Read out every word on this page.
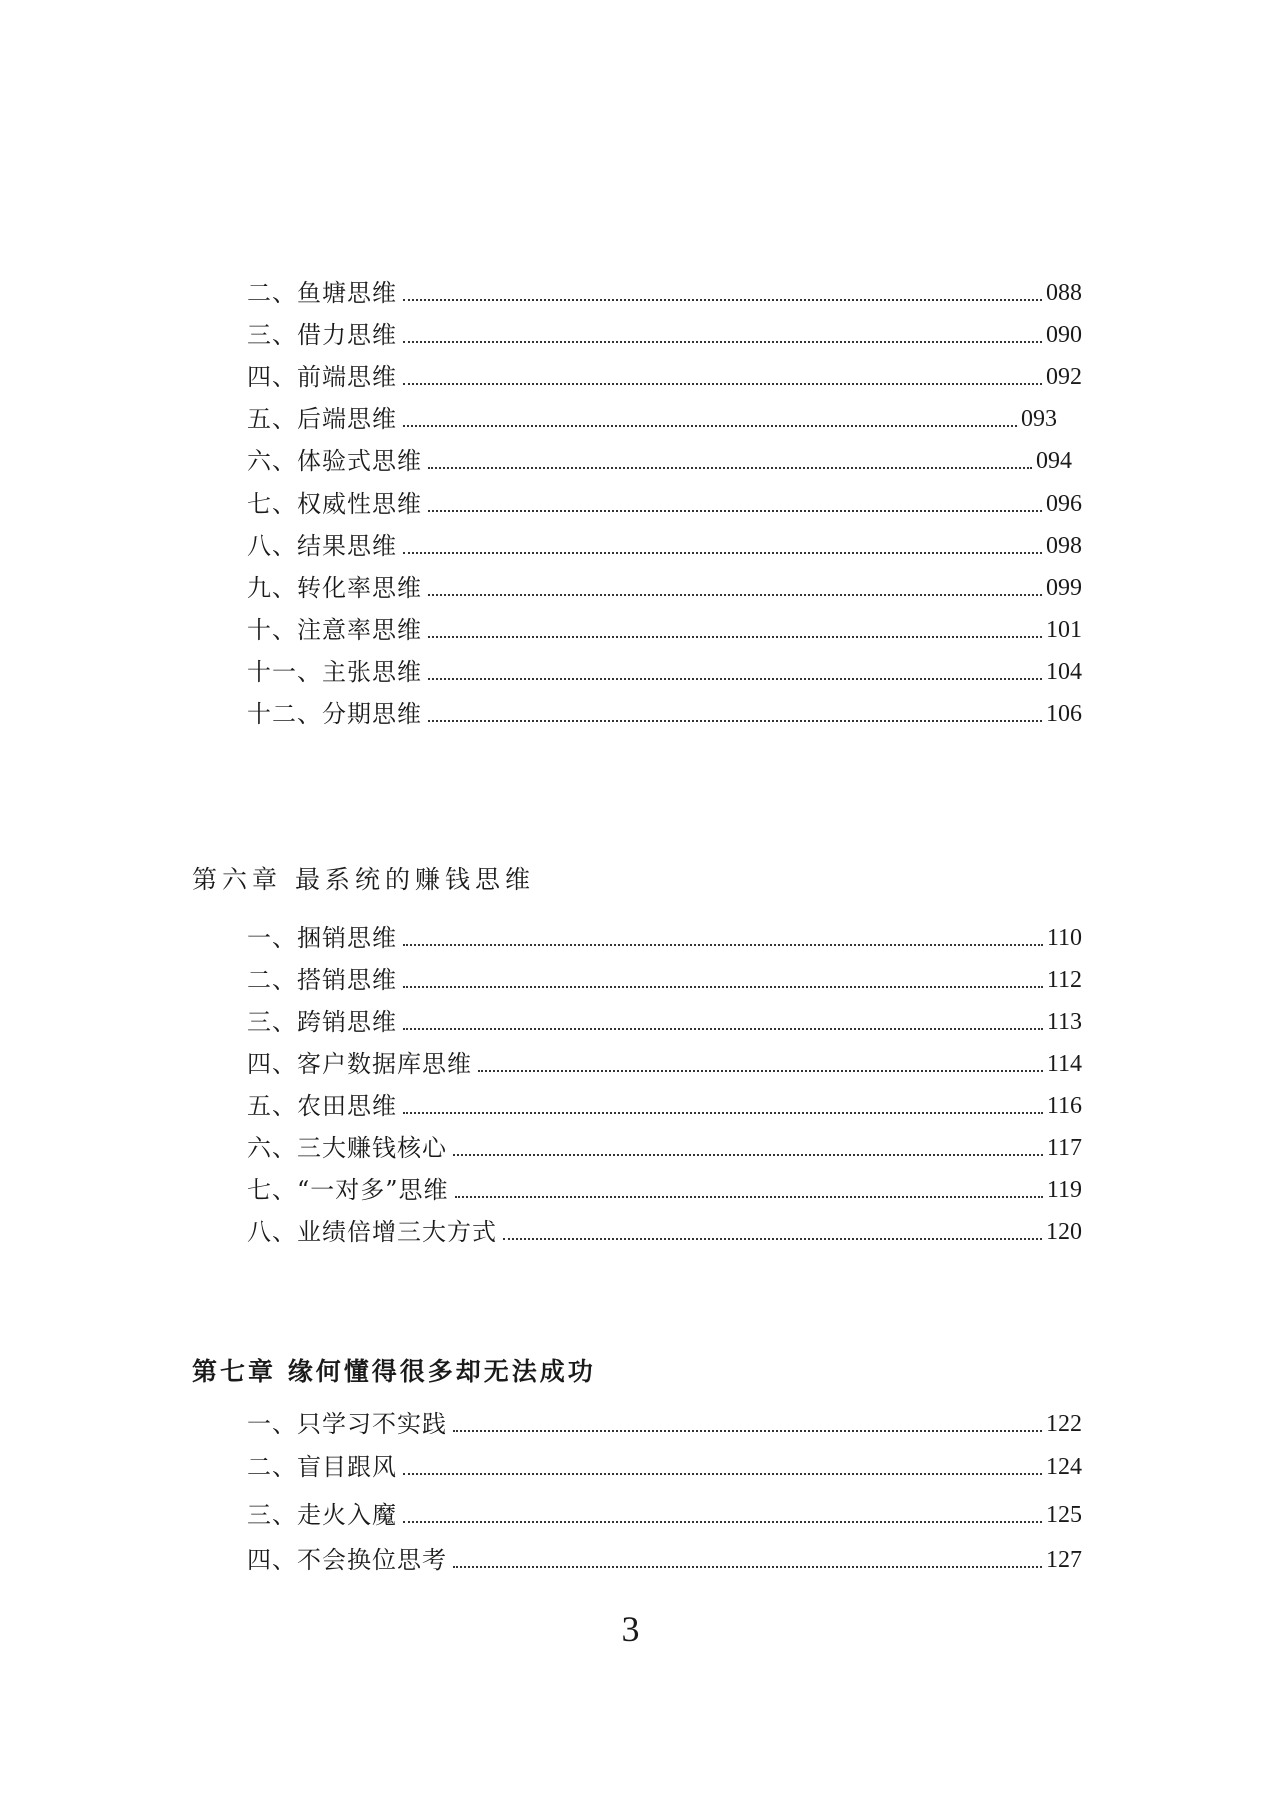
二、鱼塘思维	088
三、借力思维	090
四、前端思维	092
五、后端思维	093
六、体验式思维	094
七、权威性思维	096
八、结果思维	098
九、转化率思维	099
十、注意率思维	101
十一、主张思维	104
十二、分期思维	106
第六章 最系统的赚钱思维
一、捆销思维	110
二、搭销思维	112
三、跨销思维	113
四、客户数据库思维	114
五、农田思维	116
六、三大赚钱核心	117
七、“一对多”思维	119
八、业绩倍增三大方式	120
第七章 缘何懂得很多却无法成功
一、只学习不实践	122
二、盲目跟风	124
三、走火入魔	125
四、不会换位思考	127
3
